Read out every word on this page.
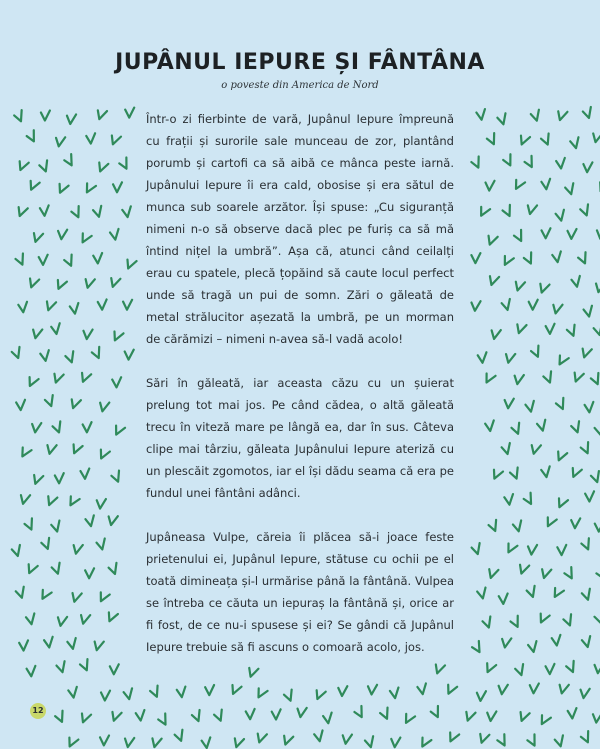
JUPÂNUL IEPURE ȘI FÂNTÂNA
o poveste din America de Nord

Într-o zi fierbinte de vară, Jupânul Iepure împreună cu frații și surorile sale munceau de zor, plantând porumb și cartofi ca să aibă ce mânca peste iarnă. Jupânului Iepure îi era cald, obosise și era sătul de munca sub soarele arzător. Își spuse: „Cu siguranță nimeni n-o să observe dacă plec pe furiș ca să mă întind nițel la umbră”. Așa că, atunci când ceilalți erau cu spatele, plecă țopăind să caute locul perfect unde să tragă un pui de somn. Zări o găleată de metal strălucitor așezată la umbră, pe un morman de cărămizi – nimeni n-avea să-l vadă acolo!

Sări în găleată, iar aceasta căzu cu un șuierat prelung tot mai jos. Pe când cădea, o altă găleată trecu în viteză mare pe lângă ea, dar în sus. Câteva clipe mai târziu, găleata Jupânului Iepure ateriză cu un plescăit zgomotos, iar el își dădu seama că era pe fundul unei fântâni adânci.

Jupâneasa Vulpe, căreia îi plăcea să-i joace feste prietenului ei, Jupânul Iepure, stătuse cu ochii pe el toată dimineața și-l urmărise până la fântână. Vulpea se întreba ce căuta un iepuraș la fântână și, orice ar fi fost, de ce nu-i spusese și ei? Se gândi că Jupânul Iepure trebuie să fi ascuns o comoară acolo, jos.

12
